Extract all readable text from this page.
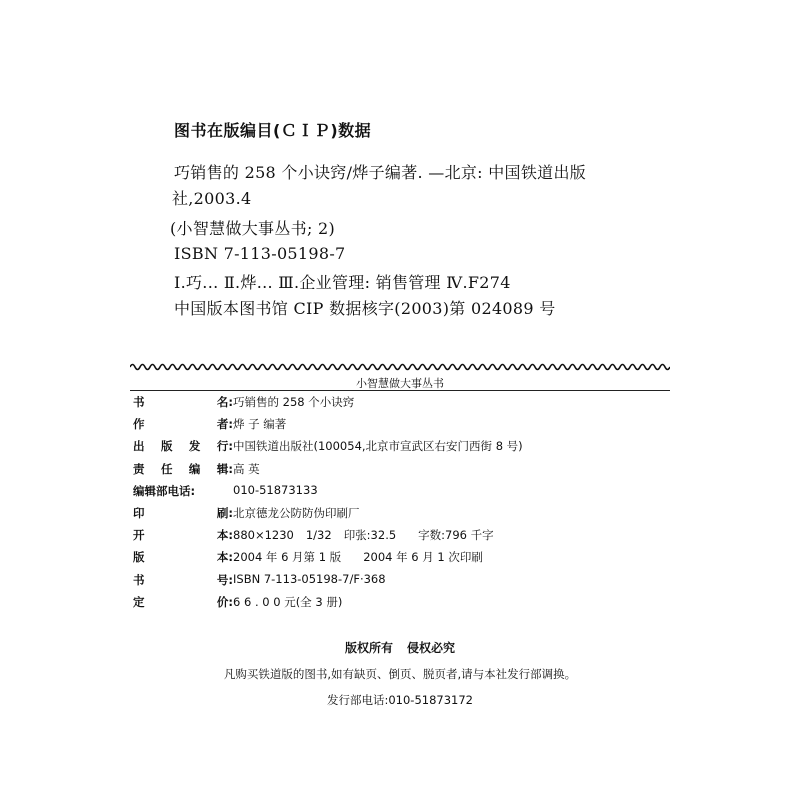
图书在版编目(ＣＩＰ)数据
巧销售的 258 个小诀窍/烨子编著. —北京: 中国铁道出版
社,2003.4
(小智慧做大事丛书; 2)
ISBN 7-113-05198-7
Ⅰ.巧... Ⅱ.烨... Ⅲ.企业管理: 销售管理 Ⅳ.F274
中国版本图书馆 CIP 数据核字(2003)第 024089 号
小智慧做大事丛书
书	名: 巧销售的 258 个小诀窍
作	者: 烨 子 编著
出 版 发 行: 中国铁道出版社(100054,北京市宣武区右安门西街 8 号)
责 任 编 辑: 高 英
编辑部电话:	010-51873133
印	刷: 北京德龙公防防伪印刷厂
开	本: 880×1230 1/32 印张:32.5 字数:796 千字
版	本: 2004 年 6 月第 1 版 2004 年 6 月 1 次印刷
书	号: ISBN 7-113-05198-7/F·368
定	价: 6 6 . 0 0 元(全 3 册)
版权所有 侵权必究
凡购买铁道版的图书,如有缺页、倒页、脱页者,请与本社发行部调换。
发行部电话:010-51873172
